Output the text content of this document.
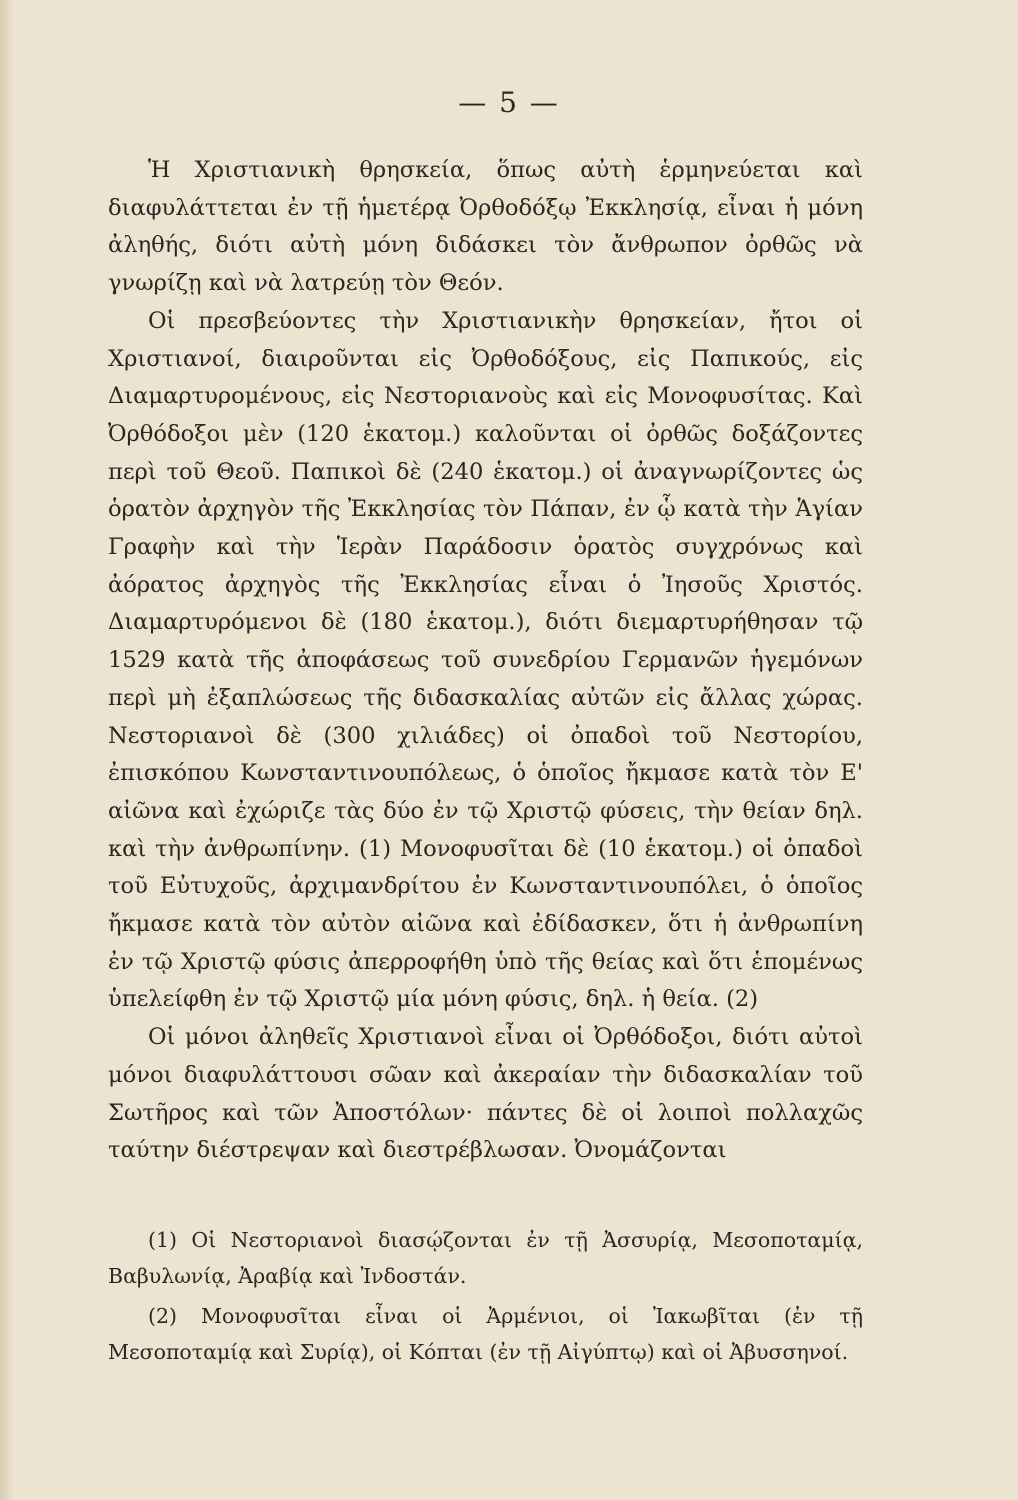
— 5 —

Ἡ Χριστιανικὴ θρησκεία, ὅπως αὐτὴ ἑρμηνεύεται καὶ διαφυλάττεται ἐν τῇ ἡμετέρᾳ Ὀρθοδόξῳ Ἐκκλησίᾳ, εἶναι ἡ μόνη ἀληθής, διότι αὐτὴ μόνη διδάσκει τὸν ἄνθρωπον ὀρθῶς νὰ γνωρίζῃ καὶ νὰ λατρεύῃ τὸν Θεόν.

Οἱ πρεσβεύοντες τὴν Χριστιανικὴν θρησκείαν, ἤτοι οἱ Χριστιανοί, διαιροῦνται εἰς Ὀρθοδόξους, εἰς Παπικούς, εἰς Διαμαρτυρομένους, εἰς Νεστοριανοὺς καὶ εἰς Μονοφυσίτας. Καὶ Ὀρθόδοξοι μὲν (120 ἑκατομ.) καλοῦνται οἱ ὀρθῶς δοξάζοντες περὶ τοῦ Θεοῦ. Παπικοὶ δὲ (240 ἑκατομ.) οἱ ἀναγνωρίζοντες ὡς ὁρατὸν ἀρχηγὸν τῆς Ἐκκλησίας τὸν Πάπαν, ἐν ᾧ κατὰ τὴν Ἁγίαν Γραφὴν καὶ τὴν Ἱερὰν Παράδοσιν ὁρατὸς συγχρόνως καὶ ἀόρατος ἀρχηγὸς τῆς Ἐκκλησίας εἶναι ὁ Ἰησοῦς Χριστός. Διαμαρτυρόμενοι δὲ (180 ἑκατομ.), διότι διεμαρτυρήθησαν τῷ 1529 κατὰ τῆς ἀποφάσεως τοῦ συνεδρίου Γερμανῶν ἡγεμόνων περὶ μὴ ἐξαπλώσεως τῆς διδασκαλίας αὐτῶν εἰς ἄλλας χώρας. Νεστοριανοὶ δὲ (300 χιλιάδες) οἱ ὀπαδοὶ τοῦ Νεστορίου, ἐπισκόπου Κωνσταντινουπόλεως, ὁ ὁποῖος ἤκμασε κατὰ τὸν Ε' αἰῶνα καὶ ἐχώριζε τὰς δύο ἐν τῷ Χριστῷ φύσεις, τὴν θείαν δηλ. καὶ τὴν ἀνθρωπίνην. (1) Μονοφυσῖται δὲ (10 ἑκατομ.) οἱ ὀπαδοὶ τοῦ Εὐτυχοῦς, ἀρχιμανδρίτου ἐν Κωνσταντινουπόλει, ὁ ὁποῖος ἤκμασε κατὰ τὸν αὐτὸν αἰῶνα καὶ ἐδίδασκεν, ὅτι ἡ ἀνθρωπίνη ἐν τῷ Χριστῷ φύσις ἀπερροφήθη ὑπὸ τῆς θείας καὶ ὅτι ἑπομένως ὑπελείφθη ἐν τῷ Χριστῷ μία μόνη φύσις, δηλ. ἡ θεία. (2)

Οἱ μόνοι ἀληθεῖς Χριστιανοὶ εἶναι οἱ Ὀρθόδοξοι, διότι αὐτοὶ μόνοι διαφυλάττουσι σῶαν καὶ ἀκεραίαν τὴν διδασκαλίαν τοῦ Σωτῆρος καὶ τῶν Ἀποστόλων· πάντες δὲ οἱ λοιποὶ πολλαχῶς ταύτην διέστρεψαν καὶ διεστρέβλωσαν. Ὀνομάζονται

(1) Οἱ Νεστοριανοὶ διασῴζονται ἐν τῇ Ἀσσυρίᾳ, Μεσοποταμίᾳ, Βαβυλωνίᾳ, Ἀραβίᾳ καὶ Ἰνδοστάν.

(2) Μονοφυσῖται εἶναι οἱ Ἀρμένιοι, οἱ Ἰακωβῖται (ἐν τῇ Μεσοποταμίᾳ καὶ Συρίᾳ), οἱ Κόπται (ἐν τῇ Αἰγύπτῳ) καὶ οἱ Ἀβυσσηνοί.
